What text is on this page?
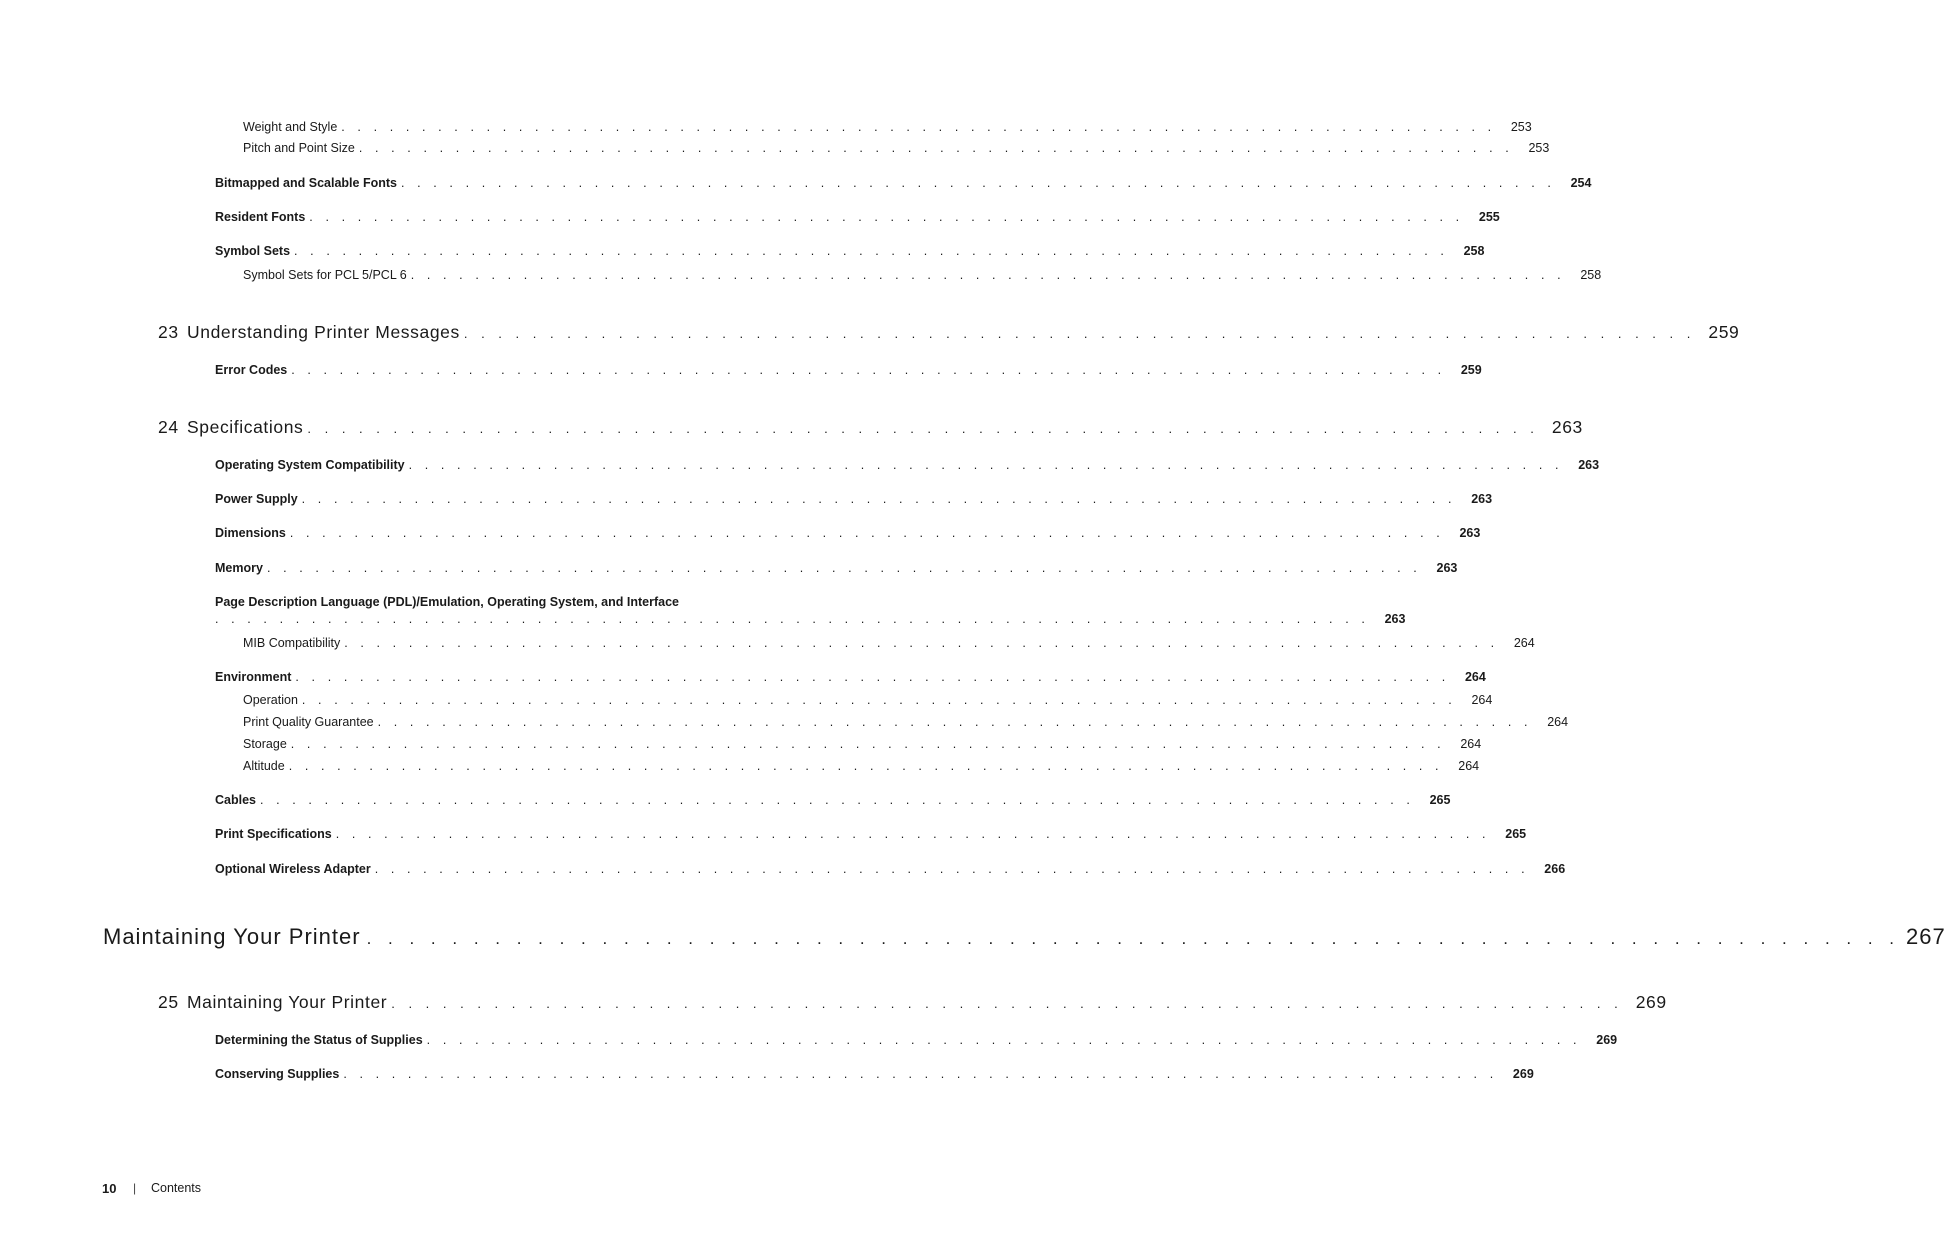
Weight and Style . . . . . . . . . . . . . . . . . . . . . . . . . . . . . . . . . . . . . . . . . . . . . . . . . . . . . . . . . . . . . . . . . . . . . . . .	253
Pitch and Point Size . . . . . . . . . . . . . . . . . . . . . . . . . . . . . . . . . . . . . . . . . . . . . . . . . . . . . . . . . . . . . . . . . . . . . . . .	253
Bitmapped and Scalable Fonts . . . . . . . . . . . . . . . . . . . . . . . . . . . . . . . . . . . . . . . . . . . . . . . . . . . . . . . . . . . . . . . . . . . . . . . .	254
Resident Fonts . . . . . . . . . . . . . . . . . . . . . . . . . . . . . . . . . . . . . . . . . . . . . . . . . . . . . . . . . . . . . . . . . . . . . . . .	255
Symbol Sets . . . . . . . . . . . . . . . . . . . . . . . . . . . . . . . . . . . . . . . . . . . . . . . . . . . . . . . . . . . . . . . . . . . . . . . .	258
Symbol Sets for PCL 5/PCL 6 . . . . . . . . . . . . . . . . . . . . . . . . . . . . . . . . . . . . . . . . . . . . . . . . . . . . . . . . . . . . . . . . . . . . . . . .	258
23 Understanding Printer Messages . . . . . . . . . . . . . . . . . . . . . . . . . . . . . . . . . . . . . . . . . . . . . . . . . . . . . . . . . . . . . . . . . . . . . . . . 259
Error Codes . . . . . . . . . . . . . . . . . . . . . . . . . . . . . . . . . . . . . . . . . . . . . . . . . . . . . . . . . . . . . . . . . . . . . . . .	259
24 Specifications . . . . . . . . . . . . . . . . . . . . . . . . . . . . . . . . . . . . . . . . . . . . . . . . . . . . . . . . . . . . . . . . . . . . . . . . 263
Operating System Compatibility . . . . . . . . . . . . . . . . . . . . . . . . . . . . . . . . . . . . . . . . . . . . . . . . . . . . . . . . . . . . . . . . . . . . . . . .	263
Power Supply . . . . . . . . . . . . . . . . . . . . . . . . . . . . . . . . . . . . . . . . . . . . . . . . . . . . . . . . . . . . . . . . . . . . . . . .	263
Dimensions . . . . . . . . . . . . . . . . . . . . . . . . . . . . . . . . . . . . . . . . . . . . . . . . . . . . . . . . . . . . . . . . . . . . . . . .	263
Memory . . . . . . . . . . . . . . . . . . . . . . . . . . . . . . . . . . . . . . . . . . . . . . . . . . . . . . . . . . . . . . . . . . . . . . . .	263
Page Description Language (PDL)/Emulation, Operating System, and Interface
. . . . . . . . . . . . . . . . . . . . . . . . . . . . . . . . . . . . . . . . . . . . . . . . . . . . . . . . . . . . . . . . . . . . . . . .	263
MIB Compatibility . . . . . . . . . . . . . . . . . . . . . . . . . . . . . . . . . . . . . . . . . . . . . . . . . . . . . . . . . . . . . . . . . . . . . . . .	264
Environment . . . . . . . . . . . . . . . . . . . . . . . . . . . . . . . . . . . . . . . . . . . . . . . . . . . . . . . . . . . . . . . . . . . . . . . .	264
Operation . . . . . . . . . . . . . . . . . . . . . . . . . . . . . . . . . . . . . . . . . . . . . . . . . . . . . . . . . . . . . . . . . . . . . . . .	264
Print Quality Guarantee . . . . . . . . . . . . . . . . . . . . . . . . . . . . . . . . . . . . . . . . . . . . . . . . . . . . . . . . . . . . . . . . . . . . . . . .	264
Storage . . . . . . . . . . . . . . . . . . . . . . . . . . . . . . . . . . . . . . . . . . . . . . . . . . . . . . . . . . . . . . . . . . . . . . . .	264
Altitude . . . . . . . . . . . . . . . . . . . . . . . . . . . . . . . . . . . . . . . . . . . . . . . . . . . . . . . . . . . . . . . . . . . . . . . .	264
Cables . . . . . . . . . . . . . . . . . . . . . . . . . . . . . . . . . . . . . . . . . . . . . . . . . . . . . . . . . . . . . . . . . . . . . . . .	265
Print Specifications . . . . . . . . . . . . . . . . . . . . . . . . . . . . . . . . . . . . . . . . . . . . . . . . . . . . . . . . . . . . . . . . . . . . . . . .	265
Optional Wireless Adapter . . . . . . . . . . . . . . . . . . . . . . . . . . . . . . . . . . . . . . . . . . . . . . . . . . . . . . . . . . . . . . . . . . . . . . . .	266
Maintaining Your Printer . . . . . . . . . . . . . . . . . . . . . . . . . . . . . . . . . . . . . . . . . . . . . . . . . . . . . . . . . . . . . . . . . . . . . . . . 267
25 Maintaining Your Printer . . . . . . . . . . . . . . . . . . . . . . . . . . . . . . . . . . . . . . . . . . . . . . . . . . . . . . . . . . . . . . . . . . . . . . . . 269
Determining the Status of Supplies . . . . . . . . . . . . . . . . . . . . . . . . . . . . . . . . . . . . . . . . . . . . . . . . . . . . . . . . . . . . . . . . . . . . . . . .	269
Conserving Supplies . . . . . . . . . . . . . . . . . . . . . . . . . . . . . . . . . . . . . . . . . . . . . . . . . . . . . . . . . . . . . . . . . . . . . . . .	269
10 | Contents
